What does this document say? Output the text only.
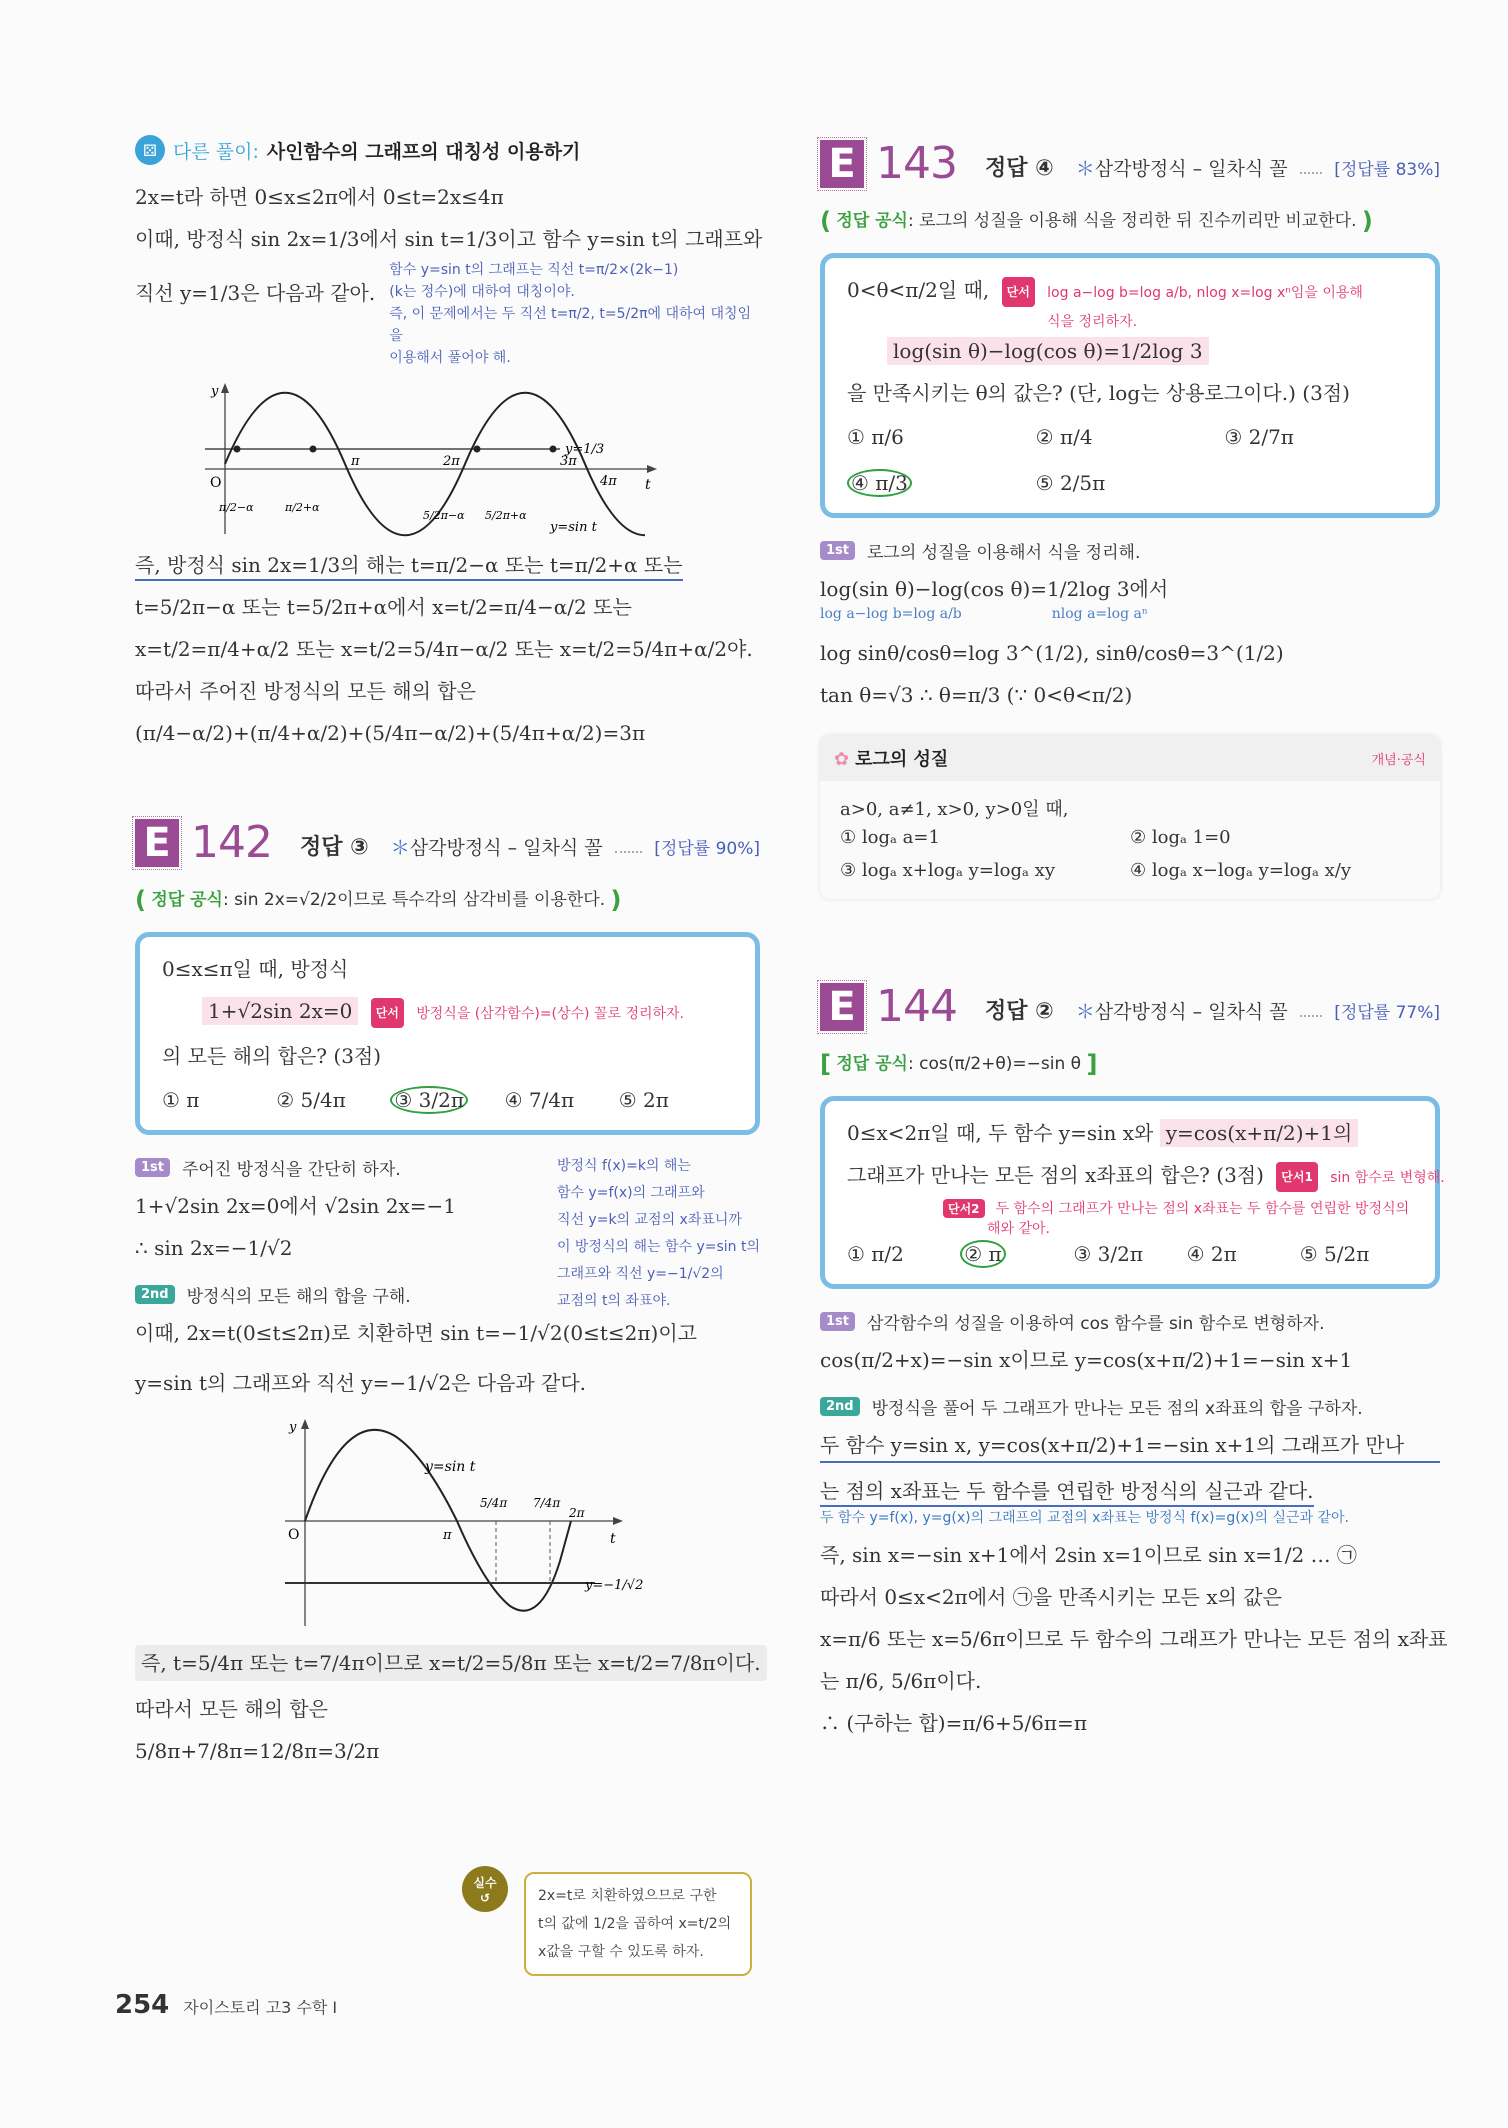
⚄ 다른 풀이: 사인함수의 그래프의 대칭성 이용하기

2x=t라 하면 0≤x≤2π에서 0≤t=2x≤4π

이때, 방정식 sin 2x=1/3에서 sin t=1/3이고 함수 y=sin t의 그래프와

직선 y=1/3은 다음과 같아.

함수 y=sin t의 그래프는 직선 t=π/2×(2k−1)
(k는 정수)에 대하여 대칭이야.
즉, 이 문제에서는 두 직선 t=π/2, t=5/2π에 대하여 대칭임을
이용해서 풀어야 해.
y
t
O
y=1/3
π	2π	3π
4π
π/2−α	π/2+α
5/2π−α 5/2π+α
y=sin t

즉, 방정식 sin 2x=1/3의 해는 t=π/2−α 또는 t=π/2+α 또는

t=5/2π−α 또는 t=5/2π+α에서 x=t/2=π/4−α/2 또는

x=t/2=π/4+α/2 또는 x=t/2=5/4π−α/2 또는 x=t/2=5/4π+α/2야.

따라서 주어진 방정식의 모든 해의 합은

(π/4−α/2)+(π/4+α/2)+(5/4π−α/2)+(5/4π+α/2)=3π

E 142 정답 ③ ＊삼각방정식 – 일차식 꼴	[정답률 90%]
( 정답 공식: sin 2x=√2/2이므로 특수각의 삼각비를 이용한다. )

0≤x≤π일 때, 방정식

1+√2sin 2x=0 단서 방정식을 (삼각함수)=(상수) 꼴로 정리하자.

의 모든 해의 합은? (3점)

① π	② 5/4π	③ 3/2π	④ 7/4π	⑤ 2π
1st	주어진 방정식을 간단히 하자.

1+√2sin 2x=0에서 √2sin 2x=−1

∴ sin 2x=−1/√2

2nd	방정식의 모든 해의 합을 구해.
방정식 f(x)=k의 해는
함수 y=f(x)의 그래프와
직선 y=k의 교점의 x좌표니까
이 방정식의 해는 함수 y=sin t의
그래프와 직선 y=−1/√2의
교점의 t의 좌표야.

이때, 2x=t(0≤t≤2π)로 치환하면 sin t=−1/√2(0≤t≤2π)이고

y=sin t의 그래프와 직선 y=−1/√2은 다음과 같다.

y
t
O
y=sin t
π
5/4π 7/4π
2π
y=−1/√2

즉, t=5/4π 또는 t=7/4π이므로 x=t/2=5/8π 또는 x=t/2=7/8π이다.

따라서 모든 해의 합은

5/8π+7/8π=12/8π=3/2π

실수
↺	2x=t로 치환하였으므로 구한
t의 값에 1/2을 곱하여 x=t/2의
x값을 구할 수 있도록 하자.
E 143 정답 ④ ＊삼각방정식 – 일차식 꼴	[정답률 83%]
( 정답 공식: 로그의 성질을 이용해 식을 정리한 뒤 진수끼리만 비교한다. )

0<θ<π/2일 때, 단서 log a−log b=log a/b, nlog x=log xⁿ임을 이용해

식을 정리하자.

log(sin θ)−log(cos θ)=1/2log 3

을 만족시키는 θ의 값은? (단, log는 상용로그이다.) (3점)

① π/6	② π/4	③ 2/7π
④ π/3	⑤ 2/5π
1st	로그의 성질을 이용해서 식을 정리해.

log(sin θ)−log(cos θ)=1/2log 3에서

log a−log b=log a/b	nlog a=log aⁿ

log sinθ/cosθ=log 3^(1/2), sinθ/cosθ=3^(1/2)

tan θ=√3 ∴ θ=π/3 (∵ 0<θ<π/2)

✿ 로그의 성질	개념·공식
a>0, a≠1, x>0, y>0일 때,
① logₐ a=1	② logₐ 1=0
③ logₐ x+logₐ y=logₐ xy	④ logₐ x−logₐ y=logₐ x/y
E 144 정답 ② ＊삼각방정식 – 일차식 꼴	[정답률 77%]
[ 정답 공식: cos(π/2+θ)=−sin θ ]

0≤x<2π일 때, 두 함수 y=sin x와 y=cos(x+π/2)+1의

그래프가 만나는 모든 점의 x좌표의 합은? (3점) 단서1 sin 함수로 변형해.

단서2 두 함수의 그래프가 만나는 점의 x좌표는 두 함수를 연립한 방정식의
해와 같아.

① π/2	② π	③ 3/2π	④ 2π	⑤ 5/2π
1st	삼각함수의 성질을 이용하여 cos 함수를 sin 함수로 변형하자.

cos(π/2+x)=−sin x이므로 y=cos(x+π/2)+1=−sin x+1

2nd	방정식을 풀어 두 그래프가 만나는 모든 점의 x좌표의 합을 구하자.

두 함수 y=sin x, y=cos(x+π/2)+1=−sin x+1의 그래프가 만나

는 점의 x좌표는 두 함수를 연립한 방정식의 실근과 같다.

두 함수 y=f(x), y=g(x)의 그래프의 교점의 x좌표는 방정식 f(x)=g(x)의 실근과 같아.

즉, sin x=−sin x+1에서 2sin x=1이므로 sin x=1/2 … ㉠

따라서 0≤x<2π에서 ㉠을 만족시키는 모든 x의 값은

x=π/6 또는 x=5/6π이므로 두 함수의 그래프가 만나는 모든 점의 x좌표

는 π/6, 5/6π이다.

∴ (구하는 합)=π/6+5/6π=π

254 자이스토리 고3 수학 I
